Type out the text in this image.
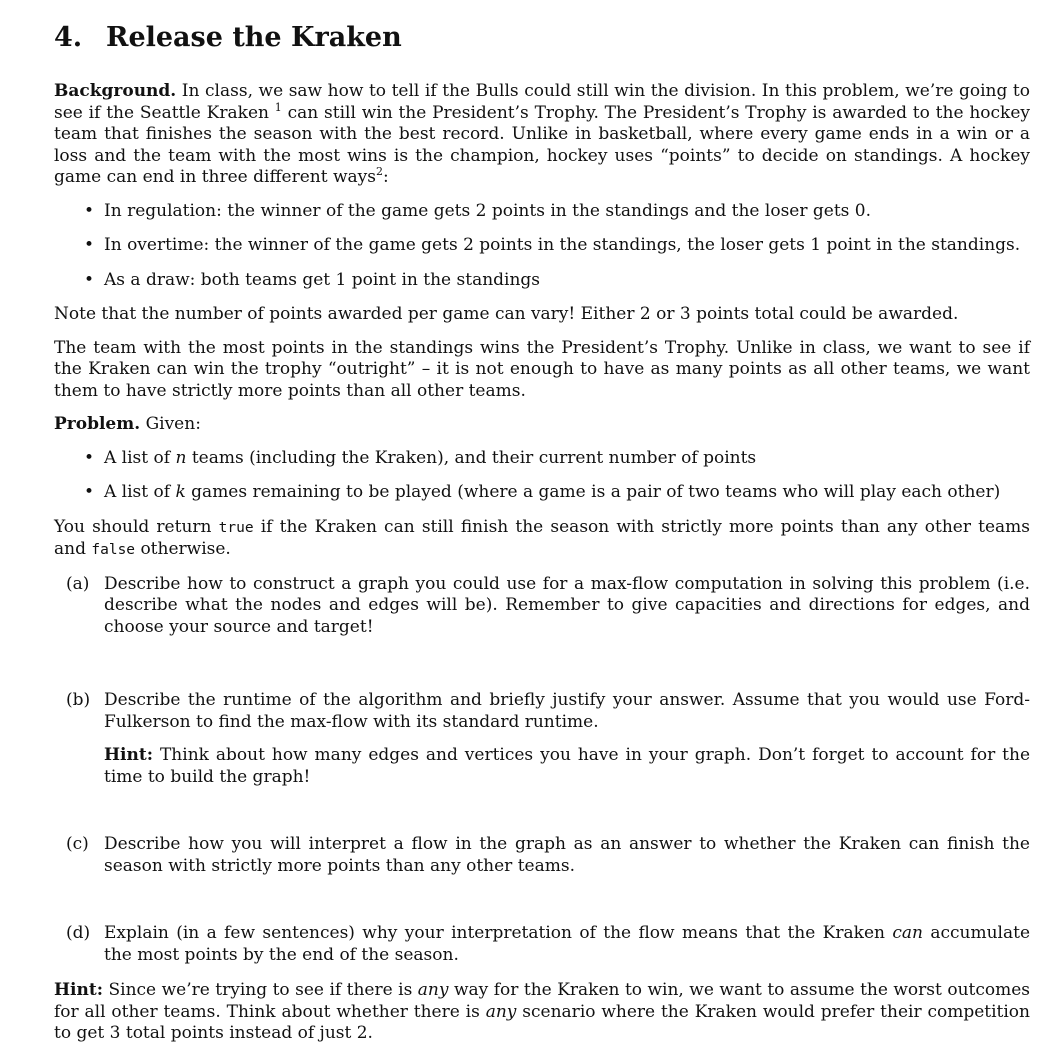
4. Release the Kraken

Background. In class, we saw how to tell if the Bulls could still win the division. In this problem, we’re going to see if the Seattle Kraken $^1$ can still win the President’s Trophy. The President’s Trophy is awarded to the hockey team that finishes the season with the best record. Unlike in basketball, where every game ends in a win or a loss and the team with the most wins is the champion, hockey uses “points” to decide on standings. A hockey game can end in three different ways$^2$:

• In regulation: the winner of the game gets 2 points in the standings and the loser gets 0.
• In overtime: the winner of the game gets 2 points in the standings, the loser gets 1 point in the standings.
• As a draw: both teams get 1 point in the standings

Note that the number of points awarded per game can vary! Either 2 or 3 points total could be awarded.

The team with the most points in the standings wins the President’s Trophy. Unlike in class, we want to see if the Kraken can win the trophy “outright” – it is not enough to have as many points as all other teams, we want them to have strictly more points than all other teams.

Problem. Given:

• A list of n teams (including the Kraken), and their current number of points
• A list of k games remaining to be played (where a game is a pair of two teams who will play each other)

You should return true if the Kraken can still finish the season with strictly more points than any other teams and false otherwise.

(a) Describe how to construct a graph you could use for a max-flow computation in solving this problem (i.e. describe what the nodes and edges will be). Remember to give capacities and directions for edges, and choose your source and target!
(b) Describe the runtime of the algorithm and briefly justify your answer. Assume that you would use Ford-Fulkerson to find the max-flow with its standard runtime.
Hint: Think about how many edges and vertices you have in your graph. Don’t forget to account for the time to build the graph!
(c) Describe how you will interpret a flow in the graph as an answer to whether the Kraken can finish the season with strictly more points than any other teams.
(d) Explain (in a few sentences) why your interpretation of the flow means that the Kraken can accumulate the most points by the end of the season.

Hint: Since we’re trying to see if there is any way for the Kraken to win, we want to assume the worst outcomes for all other teams. Think about whether there is any scenario where the Kraken would prefer their competition to get 3 total points instead of just 2.
